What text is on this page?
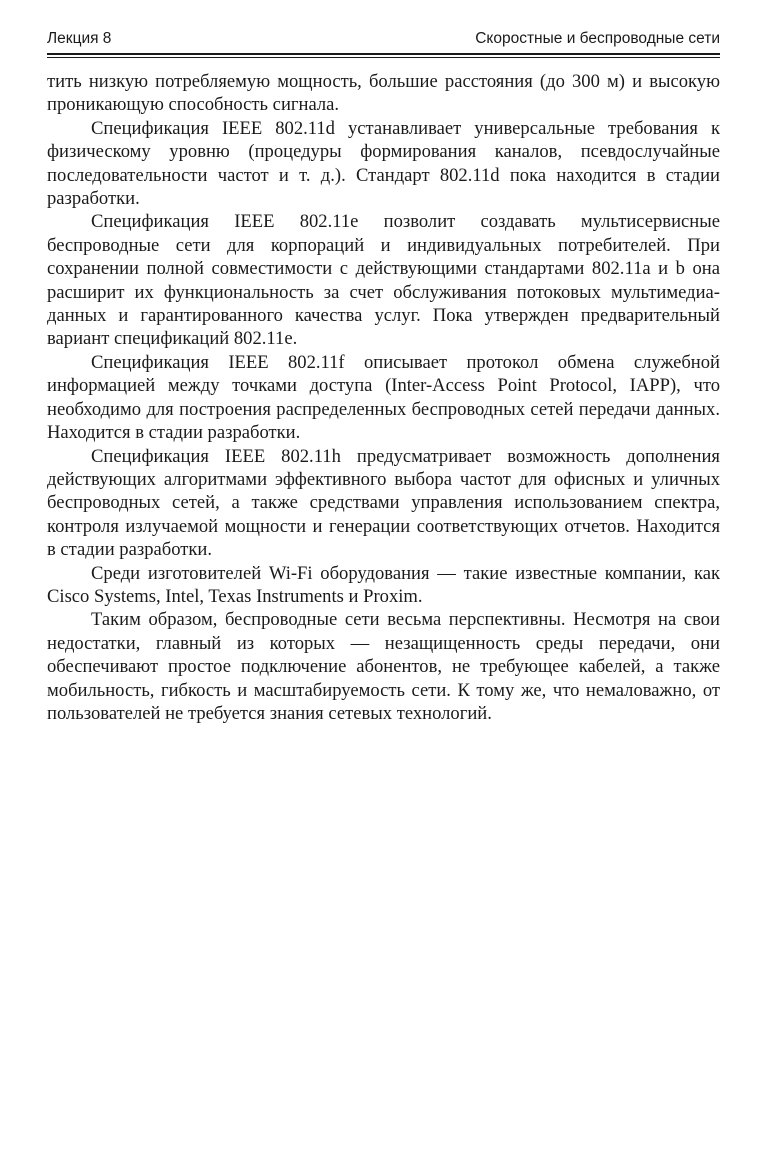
Лекция 8	Скоростные и беспроводные сети

тить низкую потребляемую мощность, большие расстояния (до 300 м) и высокую проникающую способность сигнала.

Спецификация IEEE 802.11d устанавливает универсальные требования к физическому уровню (процедуры формирования каналов, псевдослучайные последовательности частот и т. д.). Стандарт 802.11d пока находится в стадии разработки.

Спецификация IEEE 802.11e позволит создавать мультисервисные беспроводные сети для корпораций и индивидуальных потребителей. При сохранении полной совместимости с действующими стандартами 802.11a и b она расширит их функциональность за счет обслуживания потоковых мультимедиа-данных и гарантированного качества услуг. Пока утвержден предварительный вариант спецификаций 802.11e.

Спецификация IEEE 802.11f описывает протокол обмена служебной информацией между точками доступа (Inter-Access Point Protocol, IAPP), что необходимо для построения распределенных беспроводных сетей передачи данных. Находится в стадии разработки.

Спецификация IEEE 802.11h предусматривает возможность дополнения действующих алгоритмами эффективного выбора частот для офисных и уличных беспроводных сетей, а также средствами управления использованием спектра, контроля излучаемой мощности и генерации соответствующих отчетов. Находится в стадии разработки.

Среди изготовителей Wi-Fi оборудования — такие известные компании, как Cisco Systems, Intel, Texas Instruments и Proxim.

Таким образом, беспроводные сети весьма перспективны. Несмотря на свои недостатки, главный из которых — незащищенность среды передачи, они обеспечивают простое подключение абонентов, не требующее кабелей, а также мобильность, гибкость и масштабируемость сети. К тому же, что немаловажно, от пользователей не требуется знания сетевых технологий.
